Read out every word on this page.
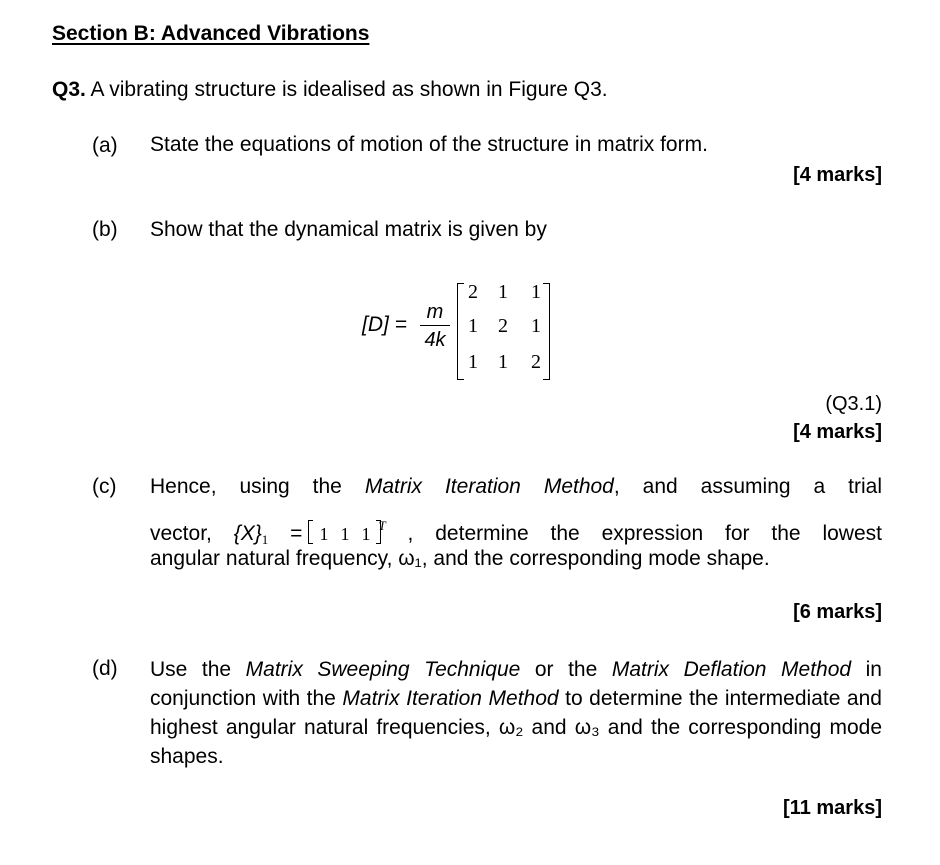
Section B: Advanced Vibrations
Q3. A vibrating structure is idealised as shown in Figure Q3.
(a) State the equations of motion of the structure in matrix form.
[4 marks]
(b) Show that the dynamical matrix is given by
[D] =
m
4k
2 1 1
1 2 1
1 1 2
(Q3.1)
[4 marks]
(c) Hence, using the Matrix Iteration Method, and assuming a trial
vector, $\{X\}_1 = 1$ 1 1 $^T$ , determine the expression for the lowest
angular natural frequency, ω₁, and the corresponding mode shape.
[6 marks]
(d) Use the Matrix Sweeping Technique or the Matrix Deflation Method in conjunction with the Matrix Iteration Method to determine the intermediate and highest angular natural frequencies, ω₂ and ω₃ and the corresponding mode shapes.
[11 marks]
